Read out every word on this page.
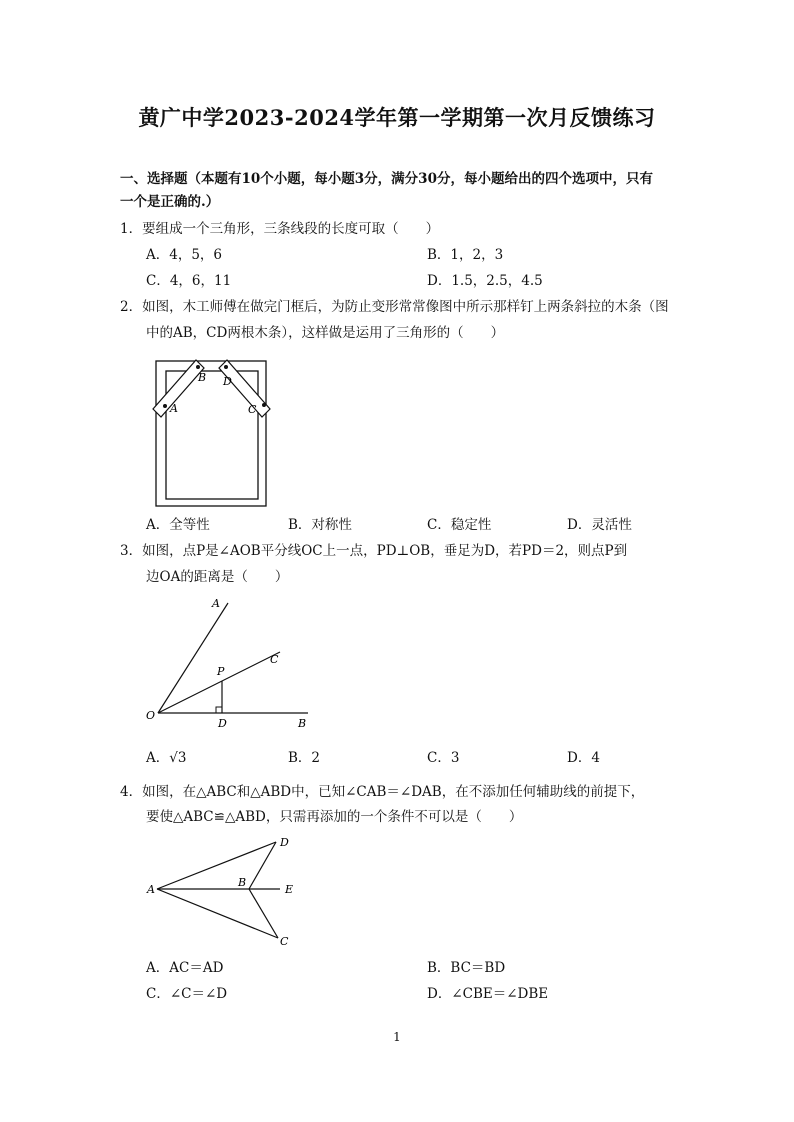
黄广中学2023-2024学年第一学期第一次月反馈练习
一、选择题（本题有10个小题，每小题3分，满分30分，每小题给出的四个选项中，只有
一个是正确的.）
1．要组成一个三角形，三条线段的长度可取（　　）
A．4，5，6	B．1，2，3
C．4，6，11	D．1.5，2.5，4.5
2．如图，木工师傅在做完门框后，为防止变形常常像图中所示那样钉上两条斜拉的木条（图
中的AB，CD两根木条），这样做是运用了三角形的（　　）
A
B
C
D
A．全等性	B．对称性	C．稳定性	D．灵活性
3．如图，点P是∠AOB平分线OC上一点，PD⊥OB，垂足为D，若PD＝2，则点P到
边OA的距离是（　　）
A
C
P
O
D	B
A．√3	B．2	C．3	D．4
4．如图，在△ABC和△ABD中，已知∠CAB＝∠DAB，在不添加任何辅助线的前提下，
要使△ABC≌△ABD，只需再添加的一个条件不可以是（　　）
D
A
B
E
C
A．AC＝AD	B．BC＝BD
C．∠C＝∠D	D．∠CBE＝∠DBE
1
